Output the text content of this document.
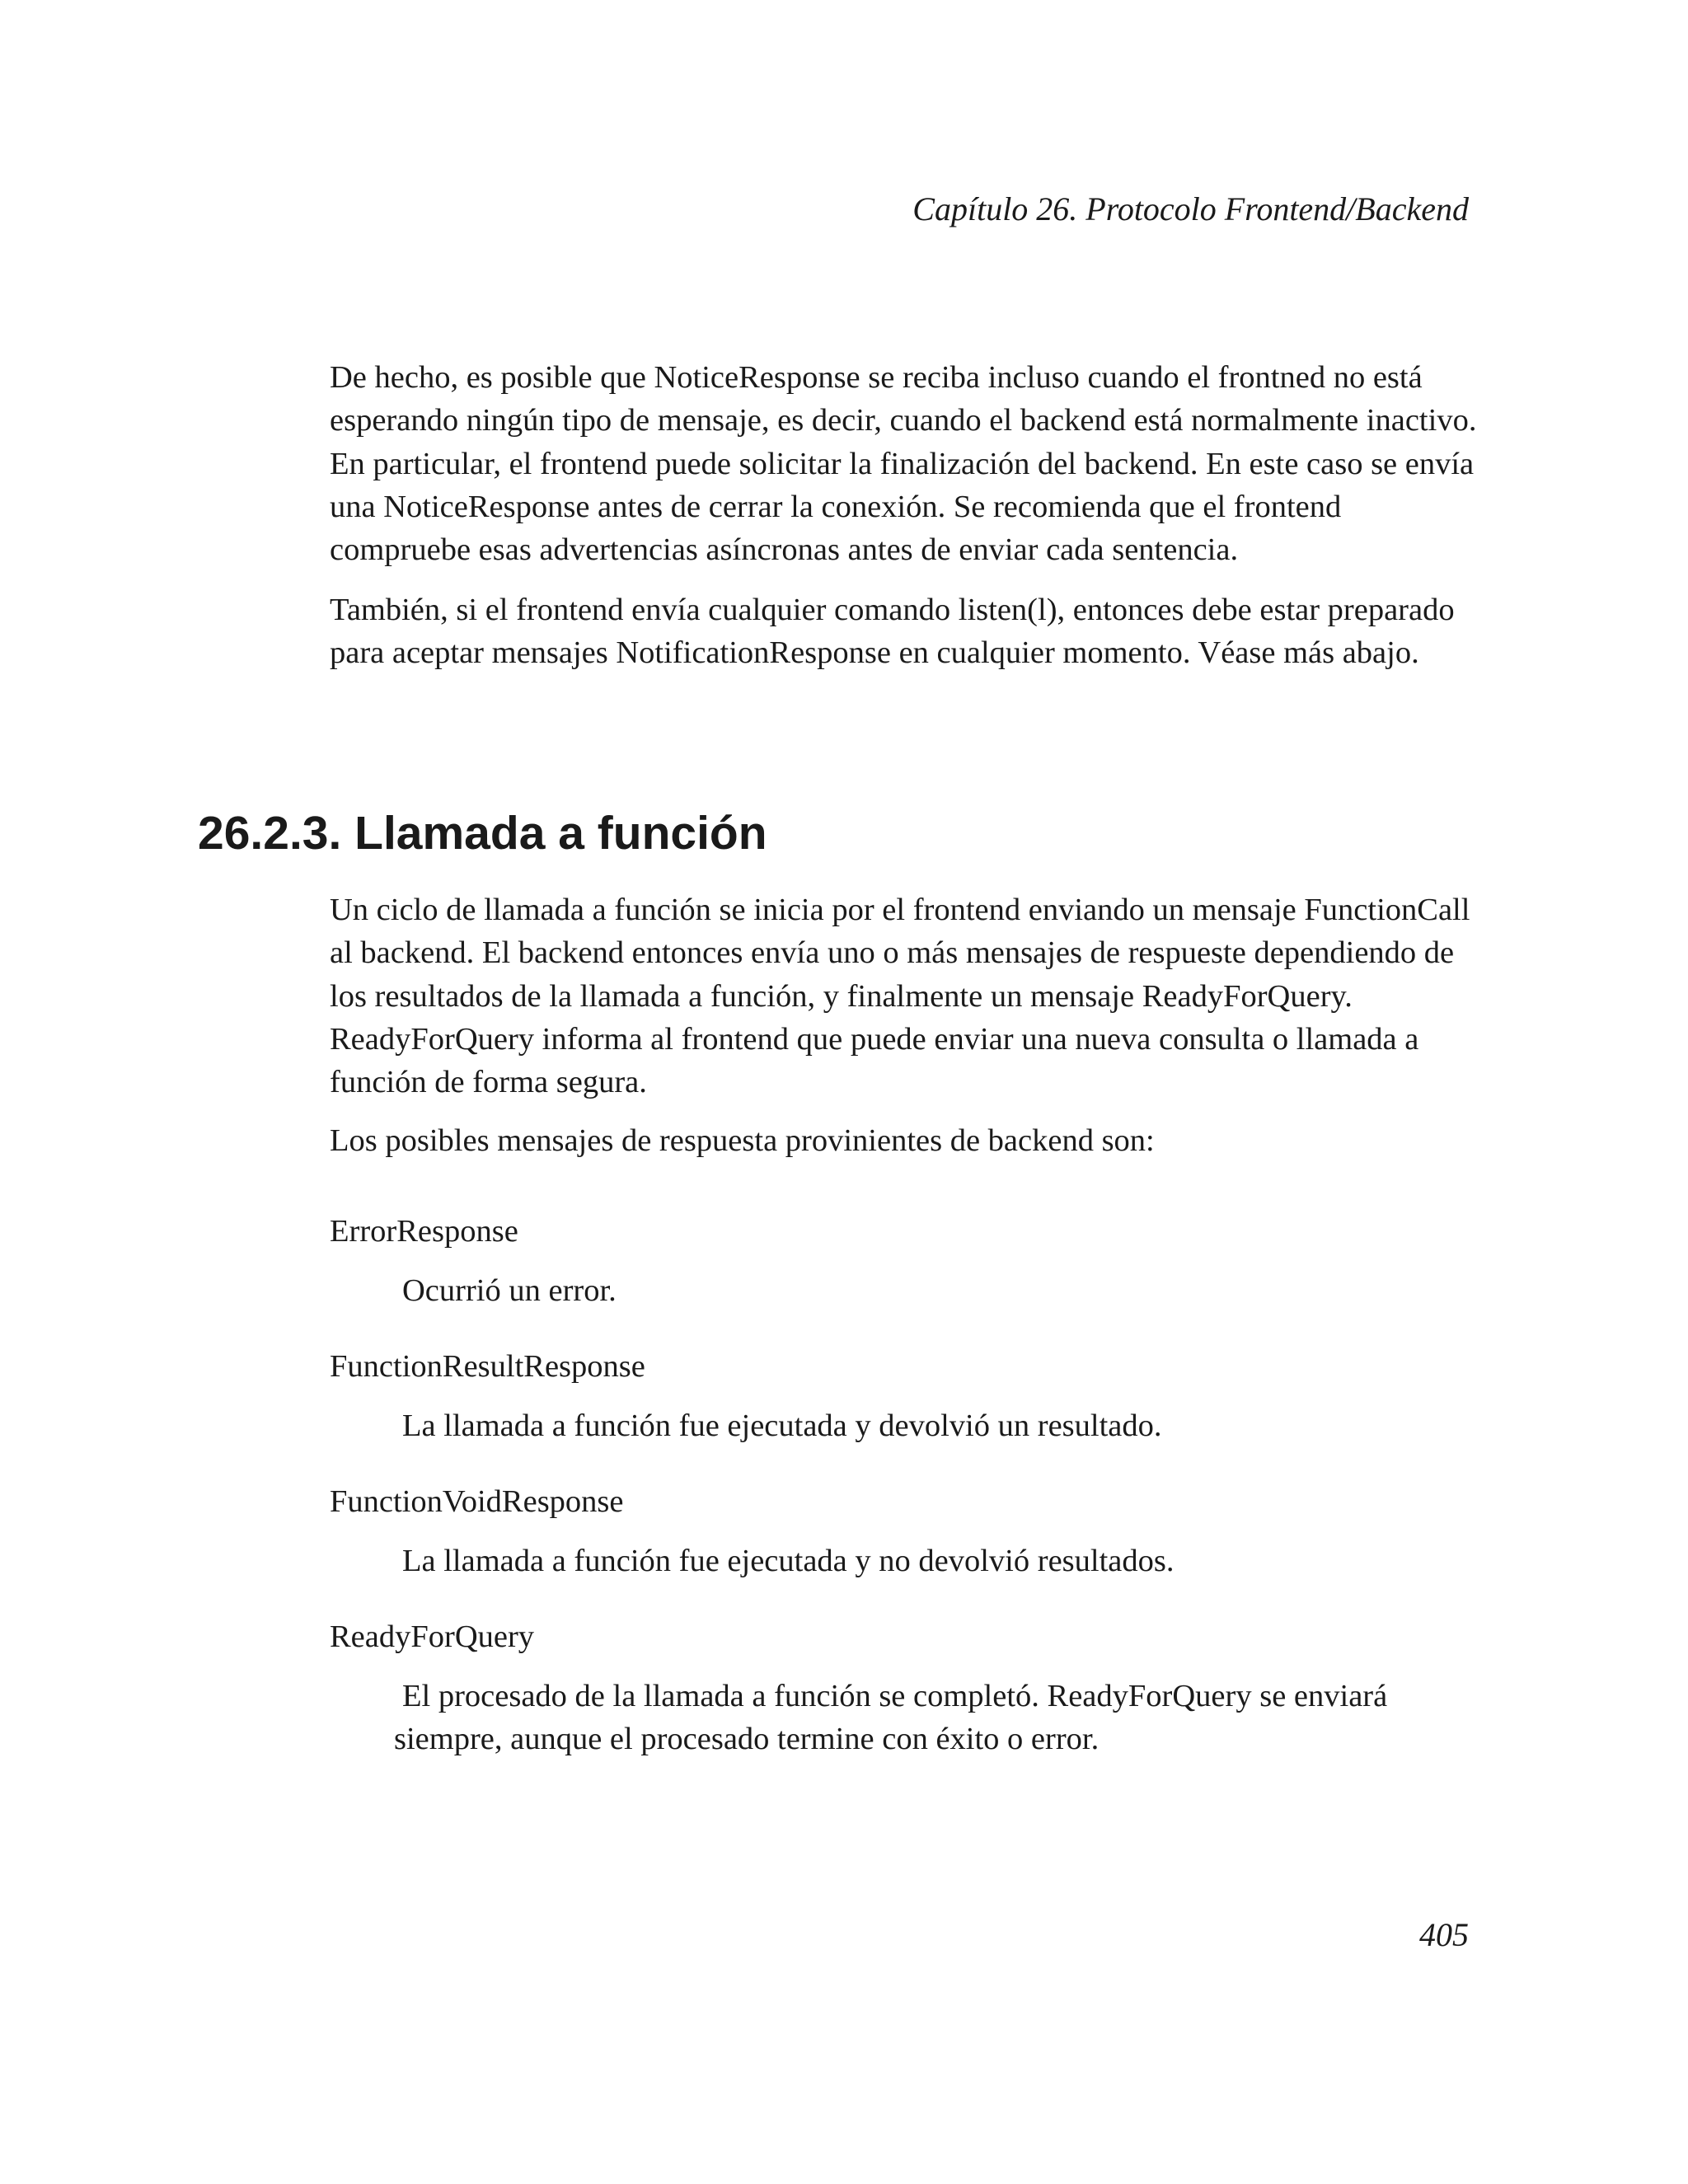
Capítulo 26. Protocolo Frontend/Backend

De hecho, es posible que NoticeResponse se reciba incluso cuando el frontned no está esperando ningún tipo de mensaje, es decir, cuando el backend está normalmente inactivo. En particular, el frontend puede solicitar la finalización del backend. En este caso se envía una NoticeResponse antes de cerrar la conexión. Se recomienda que el frontend compruebe esas advertencias asíncronas antes de enviar cada sentencia.

También, si el frontend envía cualquier comando listen(l), entonces debe estar preparado para aceptar mensajes NotificationResponse en cualquier momento. Véase más abajo.

26.2.3. Llamada a función

Un ciclo de llamada a función se inicia por el frontend enviando un mensaje FunctionCall al backend. El backend entonces envía uno o más mensajes de respueste dependiendo de los resultados de la llamada a función, y finalmente un mensaje ReadyForQuery. ReadyForQuery informa al frontend que puede enviar una nueva consulta o llamada a función de forma segura.

Los posibles mensajes de respuesta provinientes de backend son:

ErrorResponse

Ocurrió un error.

FunctionResultResponse

La llamada a función fue ejecutada y devolvió un resultado.

FunctionVoidResponse

La llamada a función fue ejecutada y no devolvió resultados.

ReadyForQuery

El procesado de la llamada a función se completó. ReadyForQuery se enviará siempre, aunque el procesado termine con éxito o error.

405
